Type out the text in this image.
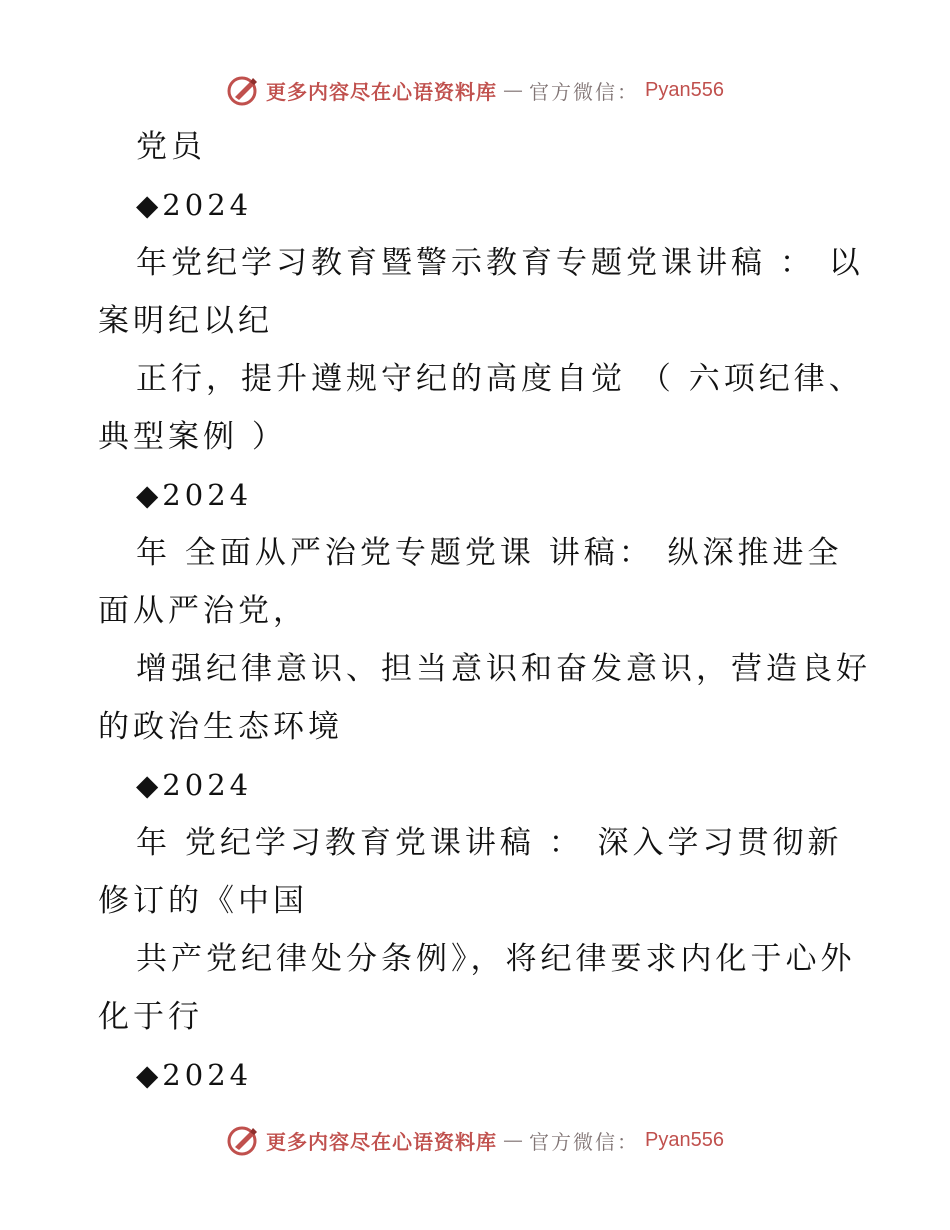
更多内容尽在心语资料库 — 官方微信： Pyan556
党员
◆2024
年党纪学习教育暨警示教育专题党课讲稿 ： 以
案明纪以纪
正行，提升遵规守纪的高度自觉 （ 六项纪律、
典型案例 ）
◆2024
年 全面从严治党专题党课 讲稿： 纵深推进全
面从严治党，
增强纪律意识、担当意识和奋发意识，营造良好
的政治生态环境
◆2024
年 党纪学习教育党课讲稿 ： 深入学习贯彻新
修订的《中国
共产党纪律处分条例》，将纪律要求内化于心外
化于行
◆2024
更多内容尽在心语资料库 — 官方微信： Pyan556
